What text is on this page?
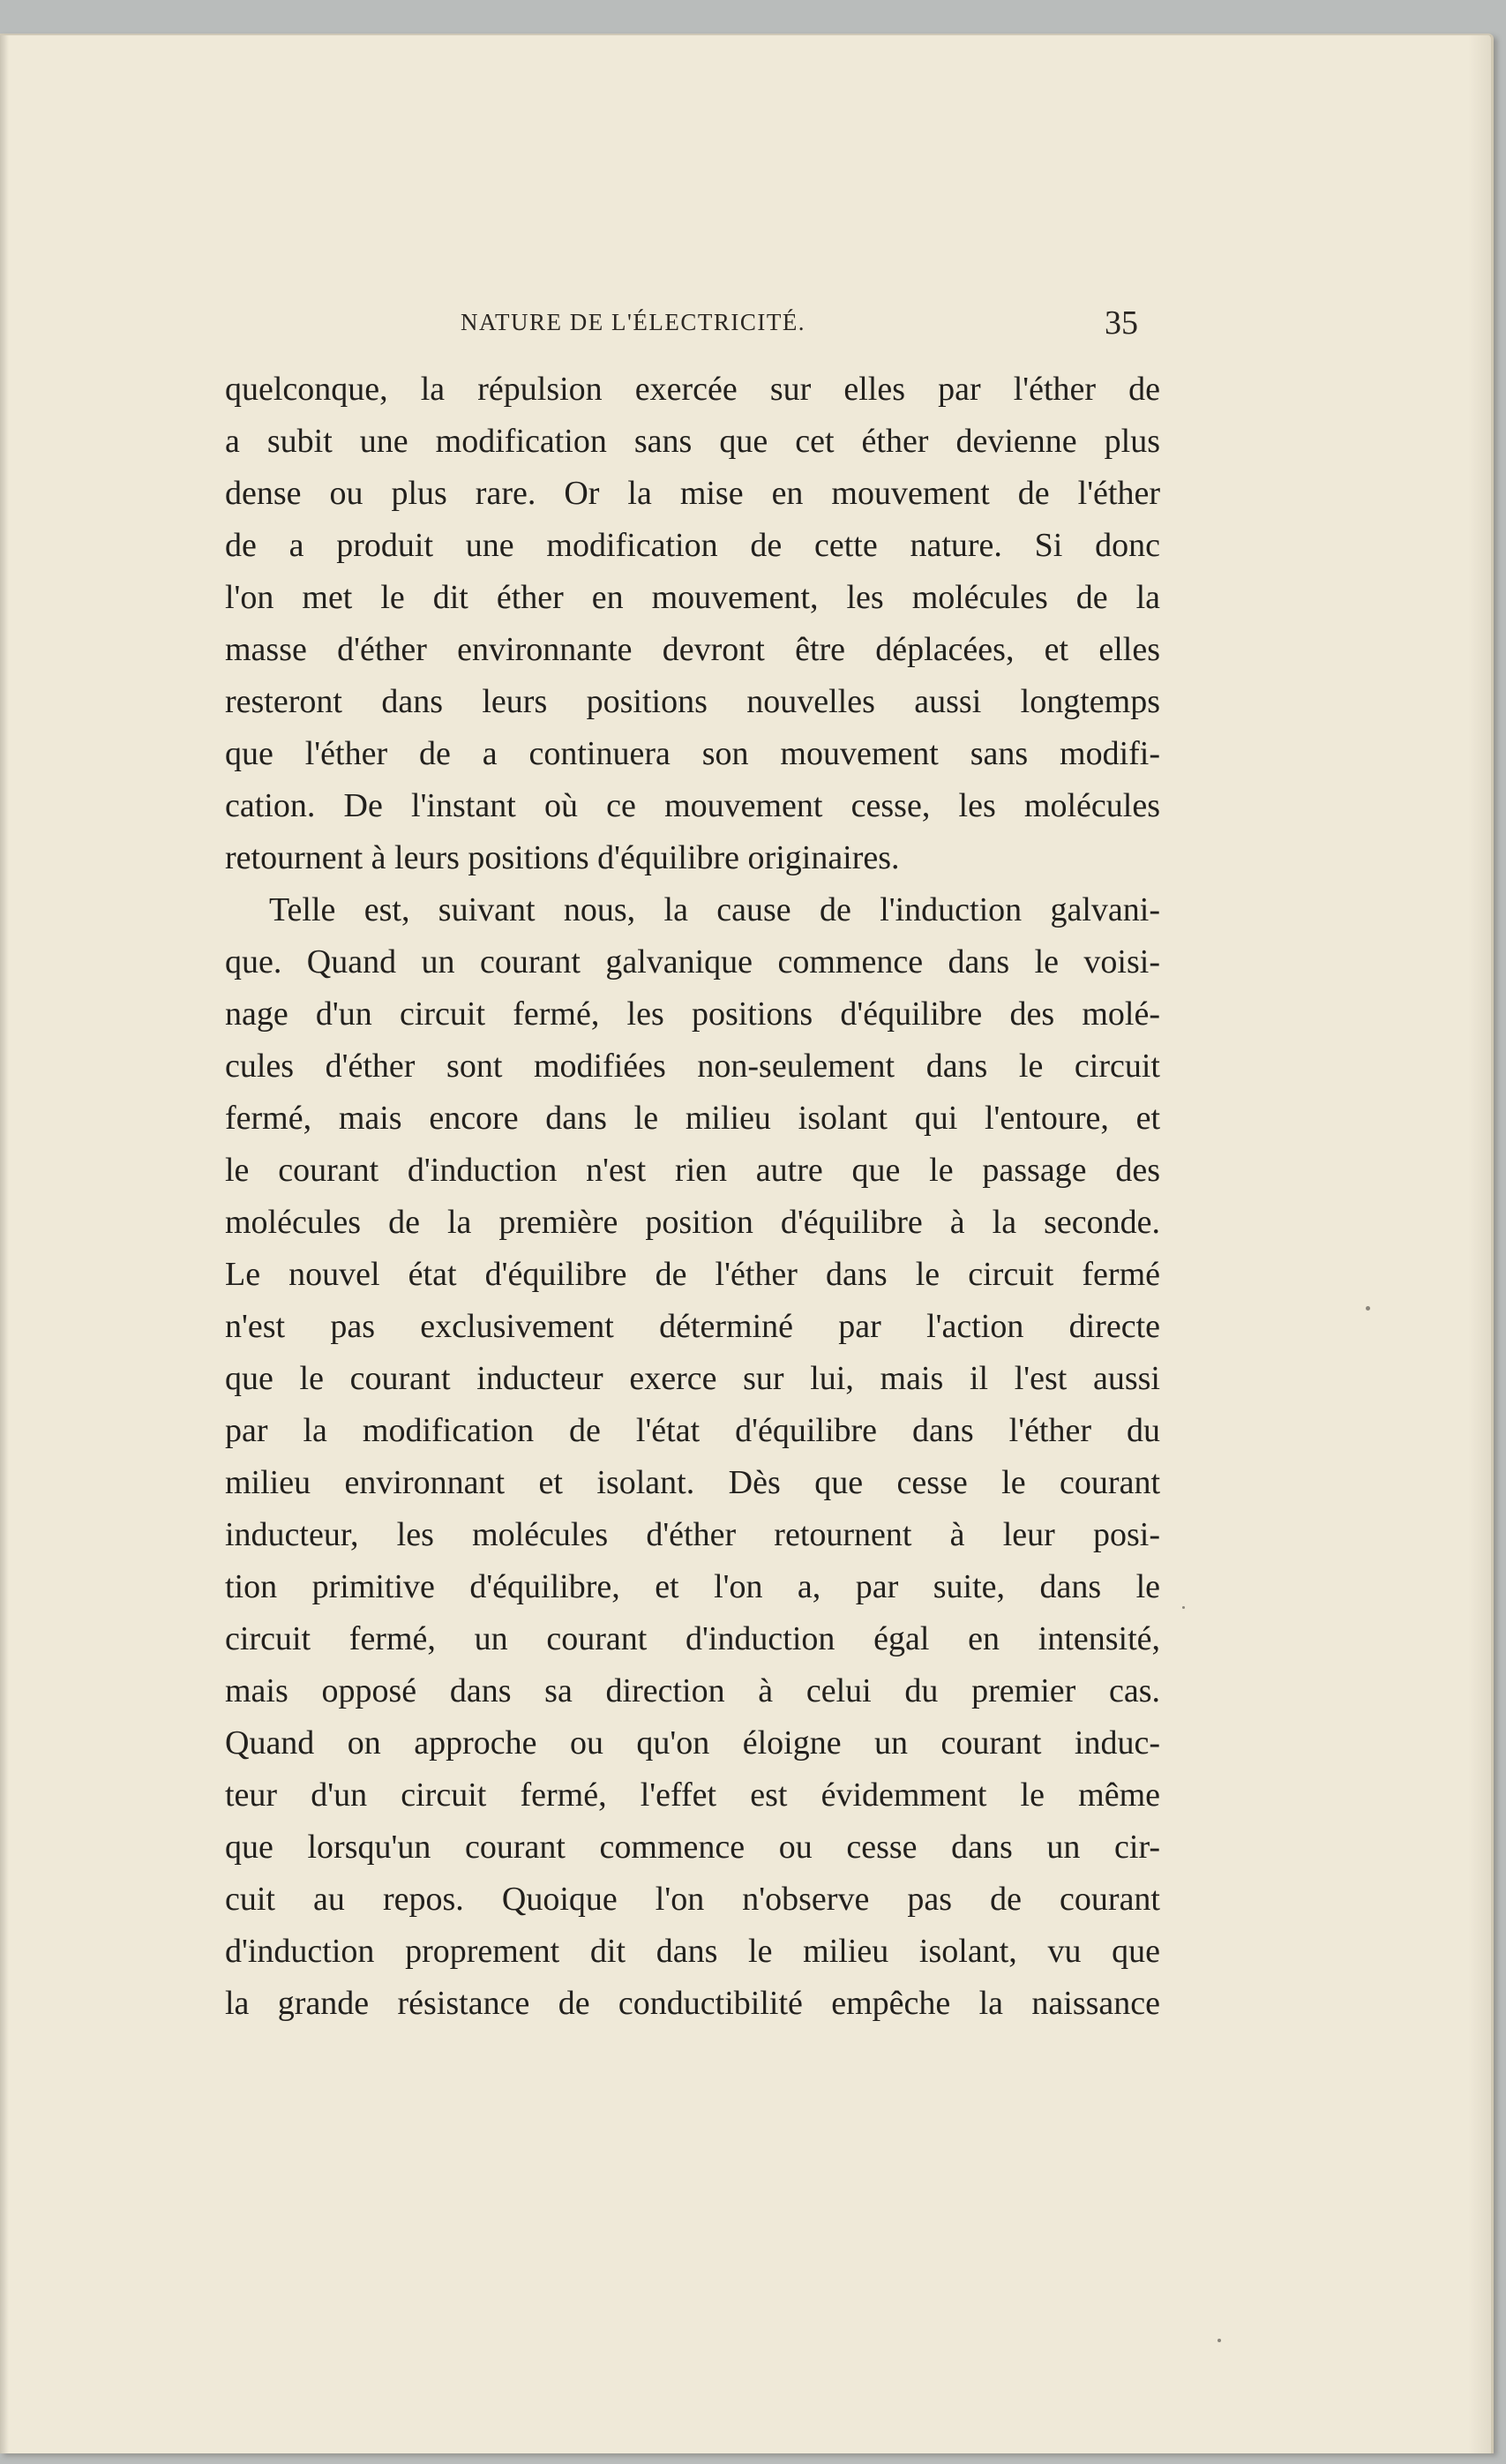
NATURE DE L'ÉLECTRICITÉ.	35
quelconque, la répulsion exercée sur elles par l'éther de
a subit une modification sans que cet éther devienne plus
dense ou plus rare. Or la mise en mouvement de l'éther
de a produit une modification de cette nature. Si donc
l'on met le dit éther en mouvement, les molécules de la
masse d'éther environnante devront être déplacées, et elles
resteront dans leurs positions nouvelles aussi longtemps
que l'éther de a continuera son mouvement sans modifi-
cation. De l'instant où ce mouvement cesse, les molécules
retournent à leurs positions d'équilibre originaires.
Telle est, suivant nous, la cause de l'induction galvani-
que. Quand un courant galvanique commence dans le voisi-
nage d'un circuit fermé, les positions d'équilibre des molé-
cules d'éther sont modifiées non-seulement dans le circuit
fermé, mais encore dans le milieu isolant qui l'entoure, et
le courant d'induction n'est rien autre que le passage des
molécules de la première position d'équilibre à la seconde.
Le nouvel état d'équilibre de l'éther dans le circuit fermé
n'est pas exclusivement déterminé par l'action directe
que le courant inducteur exerce sur lui, mais il l'est aussi
par la modification de l'état d'équilibre dans l'éther du
milieu environnant et isolant. Dès que cesse le courant
inducteur, les molécules d'éther retournent à leur posi-
tion primitive d'équilibre, et l'on a, par suite, dans le
circuit fermé, un courant d'induction égal en intensité,
mais opposé dans sa direction à celui du premier cas.
Quand on approche ou qu'on éloigne un courant induc-
teur d'un circuit fermé, l'effet est évidemment le même
que lorsqu'un courant commence ou cesse dans un cir-
cuit au repos. Quoique l'on n'observe pas de courant
d'induction proprement dit dans le milieu isolant, vu que
la grande résistance de conductibilité empêche la naissance
